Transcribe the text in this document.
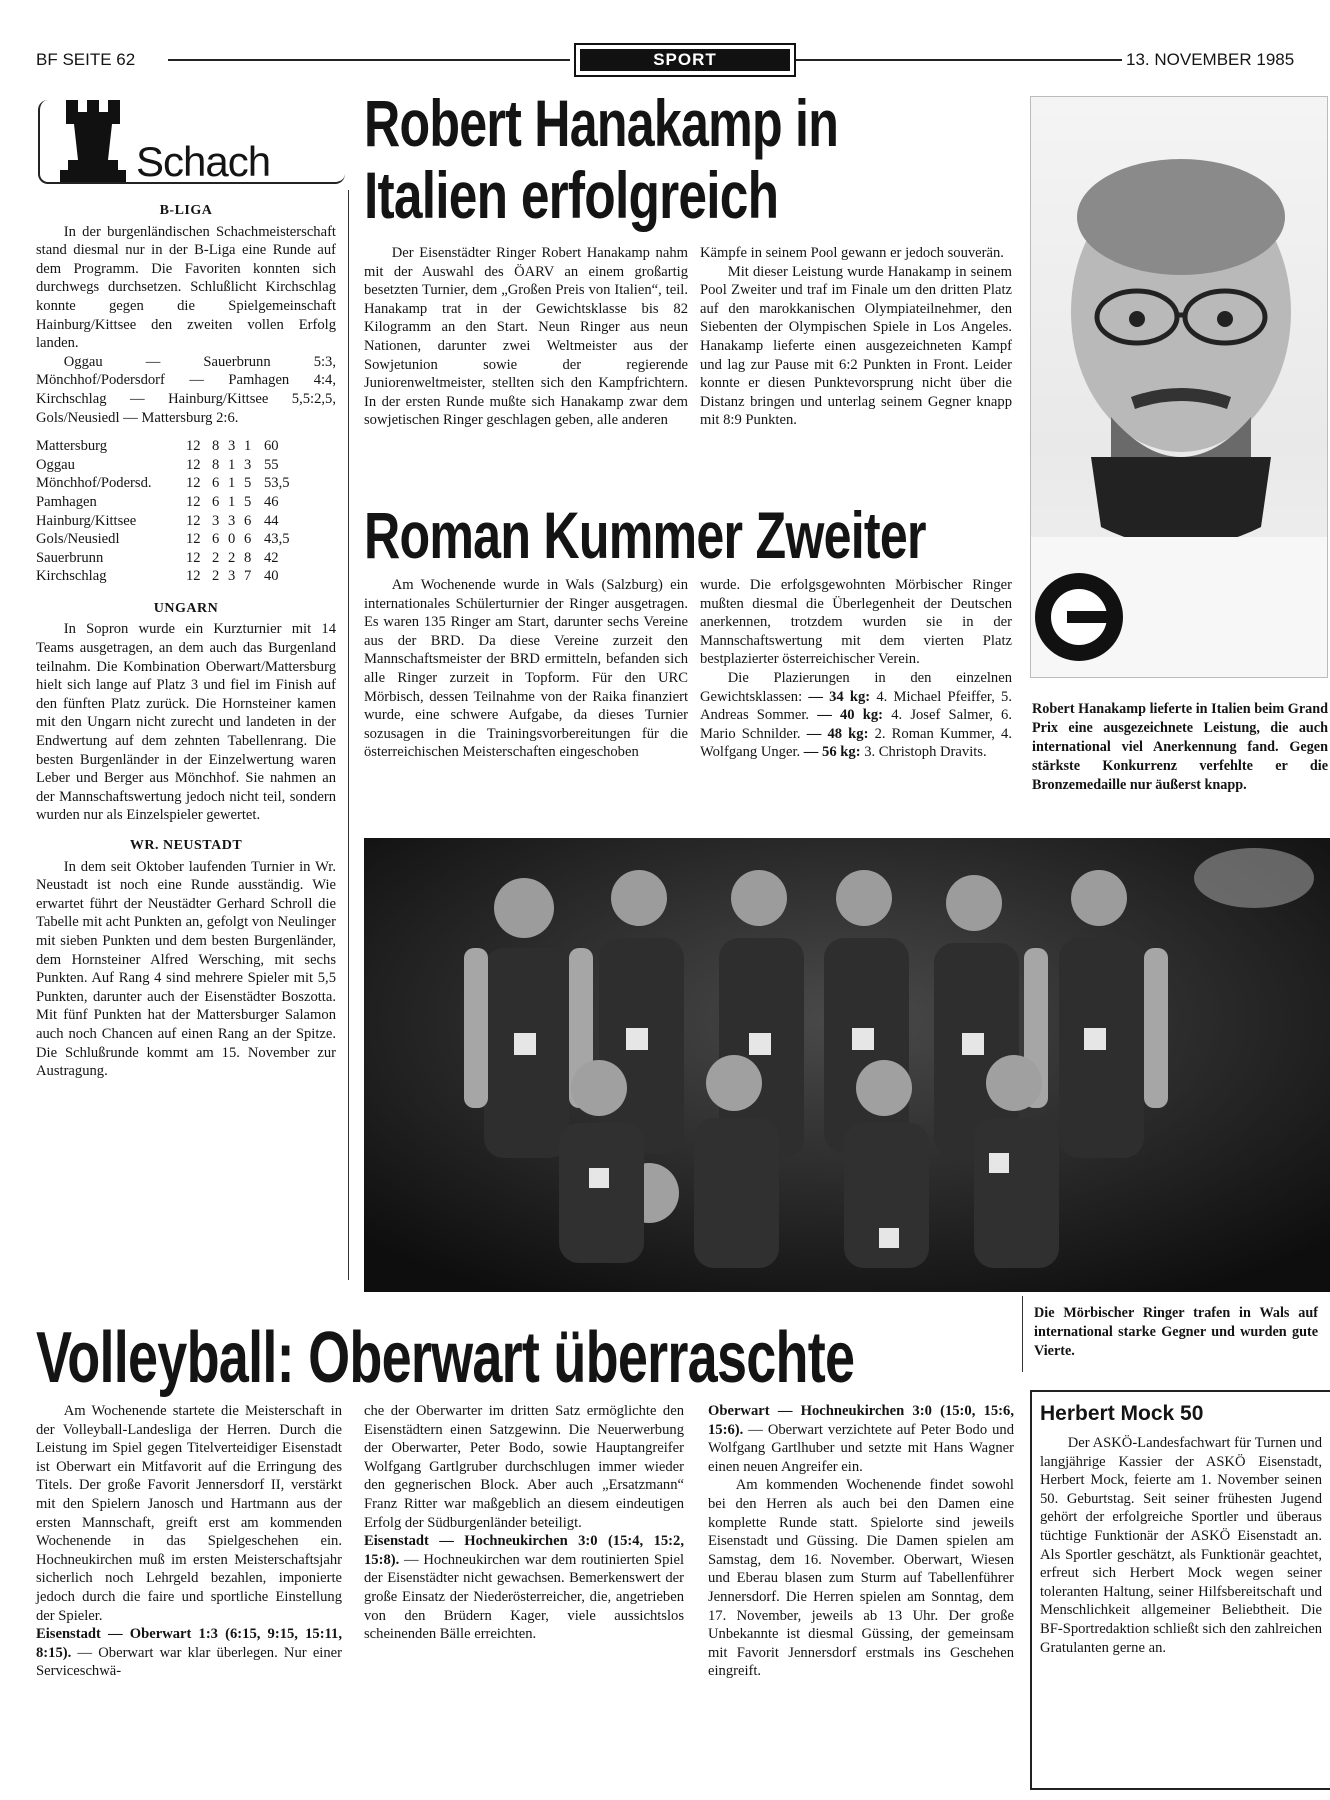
BF SEITE 62	SPORT	13. NOVEMBER 1985
Schach
B-LIGA

In der burgenländischen Schachmeisterschaft stand diesmal nur in der B-Liga eine Runde auf dem Programm. Die Favoriten konnten sich durchwegs durchsetzen. Schlußlicht Kirchschlag konnte gegen die Spielgemeinschaft Hainburg/Kittsee den zweiten vollen Erfolg landen.

Oggau — Sauerbrunn 5:3, Mönchhof/Podersdorf — Pamhagen 4:4, Kirchschlag — Hainburg/Kittsee 5,5:2,5, Gols/Neusiedl — Mattersburg 2:6.

Mattersburg	12	8	3	1	60
Oggau	12	8	1	3	55
Mönchhof/Podersd.	12	6	1	5	53,5
Pamhagen	12	6	1	5	46
Hainburg/Kittsee	12	3	3	6	44
Gols/Neusiedl	12	6	0	6	43,5
Sauerbrunn	12	2	2	8	42
Kirchschlag	12	2	3	7	40
UNGARN

In Sopron wurde ein Kurzturnier mit 14 Teams ausgetragen, an dem auch das Burgenland teilnahm. Die Kombination Oberwart/Mattersburg hielt sich lange auf Platz 3 und fiel im Finish auf den fünften Platz zurück. Die Hornsteiner kamen mit den Ungarn nicht zurecht und landeten in der Endwertung auf dem zehnten Tabellenrang. Die besten Burgenländer in der Einzelwertung waren Leber und Berger aus Mönchhof. Sie nahmen an der Mannschaftswertung jedoch nicht teil, sondern wurden nur als Einzelspieler gewertet.

WR. NEUSTADT

In dem seit Oktober laufenden Turnier in Wr. Neustadt ist noch eine Runde ausständig. Wie erwartet führt der Neustädter Gerhard Schroll die Tabelle mit acht Punkten an, gefolgt von Neulinger mit sieben Punkten und dem besten Burgenländer, dem Hornsteiner Alfred Wersching, mit sechs Punkten. Auf Rang 4 sind mehrere Spieler mit 5,5 Punkten, darunter auch der Eisenstädter Boszotta. Mit fünf Punkten hat der Mattersburger Salamon auch noch Chancen auf einen Rang an der Spitze. Die Schlußrunde kommt am 15. November zur Austragung.

Robert Hanakamp in
Italien erfolgreich

Der Eisenstädter Ringer Robert Hanakamp nahm mit der Auswahl des ÖARV an einem großartig besetzten Turnier, dem „Großen Preis von Italien“, teil. Hanakamp trat in der Gewichtsklasse bis 82 Kilogramm an den Start. Neun Ringer aus neun Nationen, darunter zwei Weltmeister aus der Sowjetunion sowie der regierende Juniorenweltmeister, stellten sich den Kampfrichtern. In der ersten Runde mußte sich Hanakamp zwar dem sowjetischen Ringer geschlagen geben, alle anderen

Kämpfe in seinem Pool gewann er jedoch souverän.

Mit dieser Leistung wurde Hanakamp in seinem Pool Zweiter und traf im Finale um den dritten Platz auf den marokkanischen Olympiateilnehmer, den Siebenten der Olympischen Spiele in Los Angeles. Hanakamp lieferte einen ausgezeichneten Kampf und lag zur Pause mit 6:2 Punkten in Front. Leider konnte er diesen Punktevorsprung nicht über die Distanz bringen und unterlag seinem Gegner knapp mit 8:9 Punkten.

Robert Hanakamp lieferte in Italien beim Grand Prix eine ausgezeichnete Leistung, die auch international viel Anerkennung fand. Gegen stärkste Konkurrenz verfehlte er die Bronzemedaille nur äußerst knapp.
Roman Kummer Zweiter

Am Wochenende wurde in Wals (Salzburg) ein internationales Schülerturnier der Ringer ausgetragen. Es waren 135 Ringer am Start, darunter sechs Vereine aus der BRD. Da diese Vereine zurzeit den Mannschaftsmeister der BRD ermitteln, befanden sich alle Ringer zurzeit in Topform. Für den URC Mörbisch, dessen Teilnahme von der Raika finanziert wurde, eine schwere Aufgabe, da dieses Turnier sozusagen in die Trainingsvorbereitungen für die österreichischen Meisterschaften eingeschoben

wurde. Die erfolgsgewohnten Mörbischer Ringer mußten diesmal die Überlegenheit der Deutschen anerkennen, trotzdem wurden sie in der Mannschaftswertung mit dem vierten Platz bestplazierter österreichischer Verein.

Die Plazierungen in den einzelnen Gewichtsklassen: — 34 kg: 4. Michael Pfeiffer, 5. Andreas Sommer. — 40 kg: 4. Josef Salmer, 6. Mario Schnilder. — 48 kg: 2. Roman Kummer, 4. Wolfgang Unger. — 56 kg: 3. Christoph Dravits.

Die Mörbischer Ringer trafen in Wals auf international starke Gegner und wurden gute Vierte.
Volleyball: Oberwart überraschte

Am Wochenende startete die Meisterschaft in der Volleyball-Landesliga der Herren. Durch die Leistung im Spiel gegen Titelverteidiger Eisenstadt ist Oberwart ein Mitfavorit auf die Erringung des Titels. Der große Favorit Jennersdorf II, verstärkt mit den Spielern Janosch und Hartmann aus der ersten Mannschaft, greift erst am kommenden Wochenende in das Spielgeschehen ein. Hochneukirchen muß im ersten Meisterschaftsjahr sicherlich noch Lehrgeld bezahlen, imponierte jedoch durch die faire und sportliche Einstellung der Spieler.

Eisenstadt — Oberwart 1:3 (6:15, 9:15, 15:11, 8:15). — Oberwart war klar überlegen. Nur einer Serviceschwä-

che der Oberwarter im dritten Satz ermöglichte den Eisenstädtern einen Satzgewinn. Die Neuerwerbung der Oberwarter, Peter Bodo, sowie Hauptangreifer Wolfgang Gartlgruber durchschlugen immer wieder den gegnerischen Block. Aber auch „Ersatzmann“ Franz Ritter war maßgeblich an diesem eindeutigen Erfolg der Südburgenländer beteiligt.

Eisenstadt — Hochneukirchen 3:0 (15:4, 15:2, 15:8). — Hochneukirchen war dem routinierten Spiel der Eisenstädter nicht gewachsen. Bemerkenswert der große Einsatz der Niederösterreicher, die, angetrieben von den Brüdern Kager, viele aussichtslos scheinenden Bälle erreichten.

Oberwart — Hochneukirchen 3:0 (15:0, 15:6, 15:6). — Oberwart verzichtete auf Peter Bodo und Wolfgang Gartlhuber und setzte mit Hans Wagner einen neuen Angreifer ein.

Am kommenden Wochenende findet sowohl bei den Herren als auch bei den Damen eine komplette Runde statt. Spielorte sind jeweils Eisenstadt und Güssing. Die Damen spielen am Samstag, dem 16. November. Oberwart, Wiesen und Eberau blasen zum Sturm auf Tabellenführer Jennersdorf. Die Herren spielen am Sonntag, dem 17. November, jeweils ab 13 Uhr. Der große Unbekannte ist diesmal Güssing, der gemeinsam mit Favorit Jennersdorf erstmals ins Geschehen eingreift.

Herbert Mock 50

Der ASKÖ-Landesfachwart für Turnen und langjährige Kassier der ASKÖ Eisenstadt, Herbert Mock, feierte am 1. November seinen 50. Geburtstag. Seit seiner frühesten Jugend gehört der erfolgreiche Sportler und überaus tüchtige Funktionär der ASKÖ Eisenstadt an. Als Sportler geschätzt, als Funktionär geachtet, erfreut sich Herbert Mock wegen seiner toleranten Haltung, seiner Hilfsbereitschaft und Menschlichkeit allgemeiner Beliebtheit. Die BF-Sportredaktion schließt sich den zahlreichen Gratulanten gerne an.
